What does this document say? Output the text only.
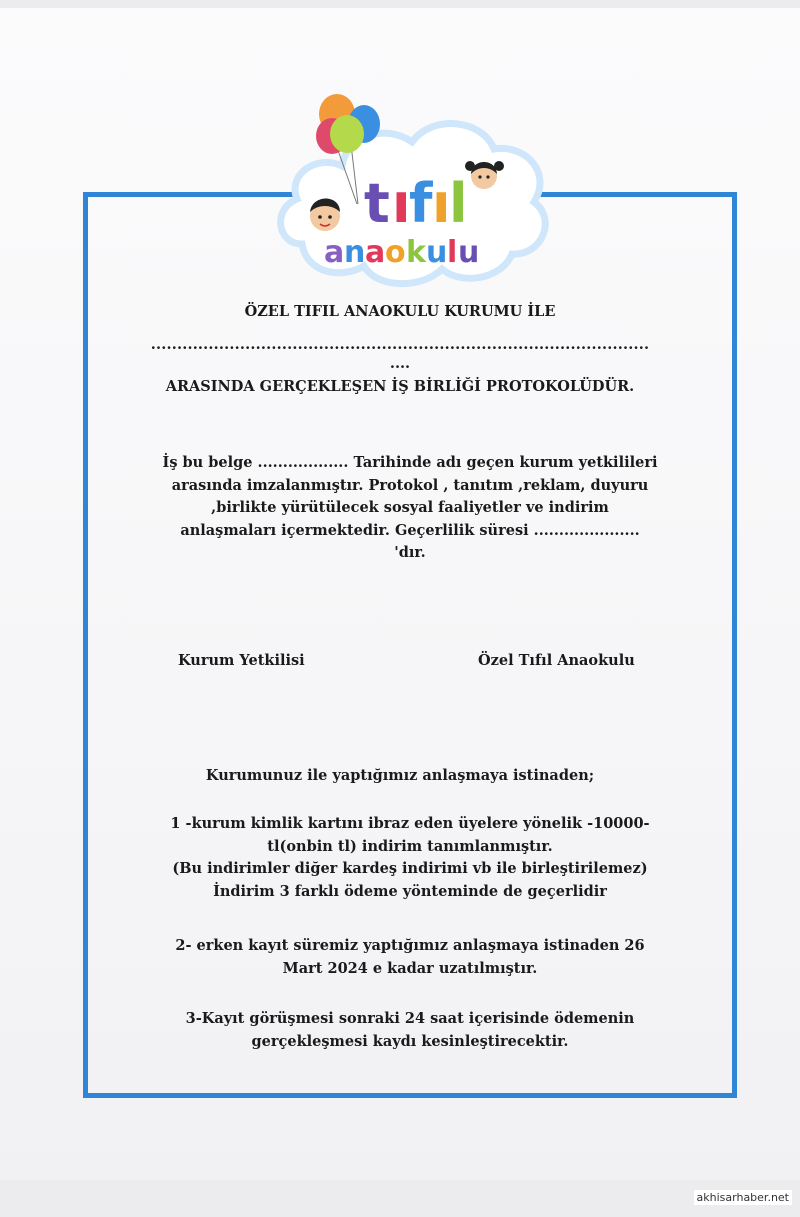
t ı
f ı
l
a n a o k u l u
ÖZEL TIFIL ANAOKULU KURUMU İLE
...............................................................................................
....
ARASINDA GERÇEKLEŞEN İŞ BİRLİĞİ PROTOKOLÜDÜR.
İş bu belge .................. Tarihinde adı geçen kurum yetkilileri
arasında imzalanmıştır. Protokol , tanıtım ,reklam, duyuru
,birlikte yürütülecek sosyal faaliyetler ve indirim
anlaşmaları içermektedir. Geçerlilik süresi .....................
'dır.
Kurum Yetkilisi	Özel Tıfıl Anaokulu
Kurumunuz ile yaptığımız anlaşmaya istinaden;
1 -kurum kimlik kartını ibraz eden üyelere yönelik -10000-
tl(onbin tl) indirim tanımlanmıştır.
(Bu indirimler diğer kardeş indirimi vb ile birleştirilemez)
İndirim 3 farklı ödeme yönteminde de geçerlidir
2- erken kayıt süremiz yaptığımız anlaşmaya istinaden 26
Mart 2024 e kadar uzatılmıştır.
3-Kayıt görüşmesi sonraki 24 saat içerisinde ödemenin
gerçekleşmesi kaydı kesinleştirecektir.
akhisarhaber.net
